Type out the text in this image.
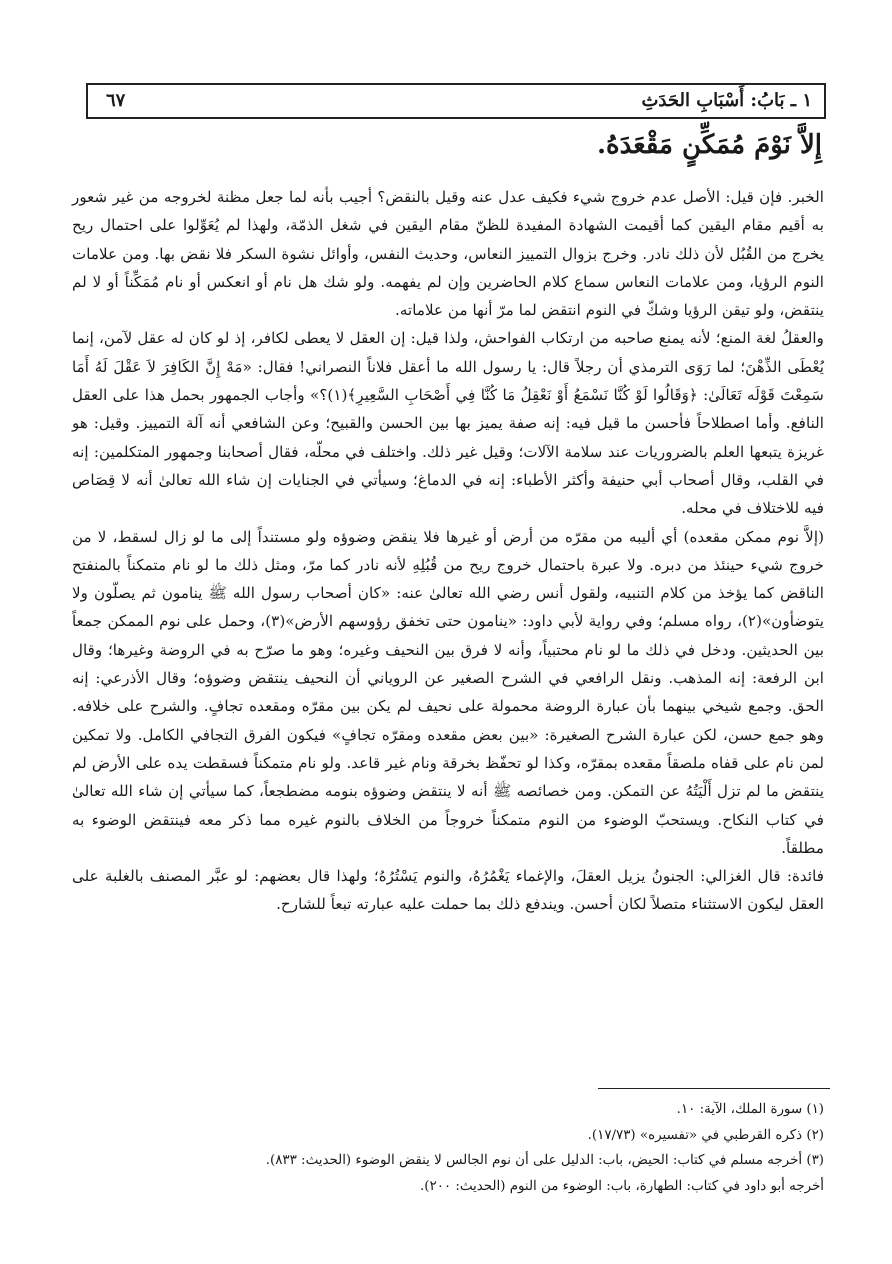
١ ـ بَابُ: أَسْبَابِ الحَدَثِ
٦٧
إِلاَّ نَوْمَ مُمَكِّنٍ مَقْعَدَهُ.

الخبر. فإن قيل: الأصل عدم خروج شيء فكيف عدل عنه وقيل بالنقض؟ أجيب بأنه لما جعل مظنة لخروجه من غير شعور به أقيم مقام اليقين كما أقيمت الشهادة المفيدة للظنّ مقام اليقين في شغل الذمّة، ولهذا لم يُعَوِّلوا على احتمال ريح يخرج من القُبُل لأن ذلك نادر. وخرج بزوال التمييز النعاس، وحديث النفس، وأوائل نشوة السكر فلا نقض بها. ومن علامات النوم الرؤيا، ومن علامات النعاس سماع كلام الحاضرين وإن لم يفهمه. ولو شك هل نام أو انعكس أو نام مُمَكِّناً أو لا لم ينتقض، ولو تيقن الرؤيا وشكّ في النوم انتقض لما مرّ أنها من علاماته.

والعقلُ لغة المنع؛ لأنه يمنع صاحبه من ارتكاب الفواحش، ولذا قيل: إن العقل لا يعطى لكافر، إذ لو كان له عقل لآمن، إنما يُعْطَى الذِّهْنَ؛ لما رَوَى الترمذي أن رجلاً قال: يا رسول الله ما أعقل فلاناً النصراني! فقال: «مَهْ إِنَّ الكَافِرَ لاَ عَقْلَ لَهُ أَمَا سَمِعْتَ قَوْلَه تَعَالَىٰ: ﴿وَقَالُوا لَوْ كُنَّا نَسْمَعُ أَوْ نَعْقِلُ مَا كُنَّا فِي أَصْحَابِ السَّعِيرِ﴾(١)؟» وأجاب الجمهور بحمل هذا على العقل النافع. وأما اصطلاحاً فأحسن ما قيل فيه: إنه صفة يميز بها بين الحسن والقبيح؛ وعن الشافعي أنه آلة التمييز. وقيل: هو غريزة يتبعها العلم بالضروريات عند سلامة الآلات؛ وقيل غير ذلك. واختلف في محلّه، فقال أصحابنا وجمهور المتكلمين: إنه في القلب، وقال أصحاب أبي حنيفة وأكثر الأطباء: إنه في الدماغ؛ وسيأتي في الجنايات إن شاء الله تعالىٰ أنه لا قِصَاص فيه للاختلاف في محله.

(إلاَّ نوم ممكن مقعده) أي أليبه من مقرّه من أرض أو غيرها فلا ينقض وضوؤه ولو مستنداً إلى ما لو زال لسقط، لا من خروج شيء حينئذ من دبره. ولا عبرة باحتمال خروج ريح من قُبُلِهِ لأنه نادر كما مرّ، ومثل ذلك ما لو نام متمكناً بالمنفتح الناقض كما يؤخذ من كلام التنبيه، ولقول أنس رضي الله تعالىٰ عنه: «كان أصحاب رسول الله ﷺ ينامون ثم يصلّون ولا يتوضأون»(٢)، رواه مسلم؛ وفي رواية لأبي داود: «ينامون حتى تخفق رؤوسهم الأرض»(٣)، وحمل على نوم الممكن جمعاً بين الحديثين. ودخل في ذلك ما لو نام محتبياً، وأنه لا فرق بين النحيف وغيره؛ وهو ما صرّح به في الروضة وغيرها؛ وقال ابن الرفعة: إنه المذهب. ونقل الرافعي في الشرح الصغير عن الروياني أن النحيف ينتقض وضوؤه؛ وقال الأذرعي: إنه الحق. وجمع شيخي بينهما بأن عبارة الروضة محمولة على نحيف لم يكن بين مقرّه ومقعده تجافٍ. والشرح على خلافه. وهو جمع حسن، لكن عبارة الشرح الصغيرة: «بين بعض مقعده ومقرّه تجافٍ» فيكون الفرق التجافي الكامل. ولا تمكين لمن نام على قفاه ملصقاً مقعده بمقرّه، وكذا لو تحفّظ بخرقة ونام غير قاعد. ولو نام متمكناً فسقطت يده على الأرض لم ينتقض ما لم تزل أَلْيَتُهُ عن التمكن. ومن خصائصه ﷺ أنه لا ينتقض وضوؤه بنومه مضطجعاً، كما سيأتي إن شاء الله تعالىٰ في كتاب النكاح. ويستحبّ الوضوء من النوم متمكناً خروجاً من الخلاف بالنوم غيره مما ذكر معه فينتقض الوضوء به مطلقاً.

فائدة: قال الغزالي: الجنونُ يزيل العقلَ، والإغماء يَغْمُرُهُ، والنوم يَسْتُرُهُ؛ ولهذا قال بعضهم: لو عبَّر المصنف بالغلبة على العقل ليكون الاستثناء متصلاً لكان أحسن. ويندفع ذلك بما حملت عليه عبارته تبعاً للشارح.

(١) سورة الملك، الآية: ١٠.
(٢) ذكره القرطبي في «تفسيره» (١٧/٧٣).
(٣) أخرجه مسلم في كتاب: الحيض، باب: الدليل على أن نوم الجالس لا ينقض الوضوء (الحديث: ٨٣٣).
أخرجه أبو داود في كتاب: الطهارة، باب: الوضوء من النوم (الحديث: ٢٠٠).
